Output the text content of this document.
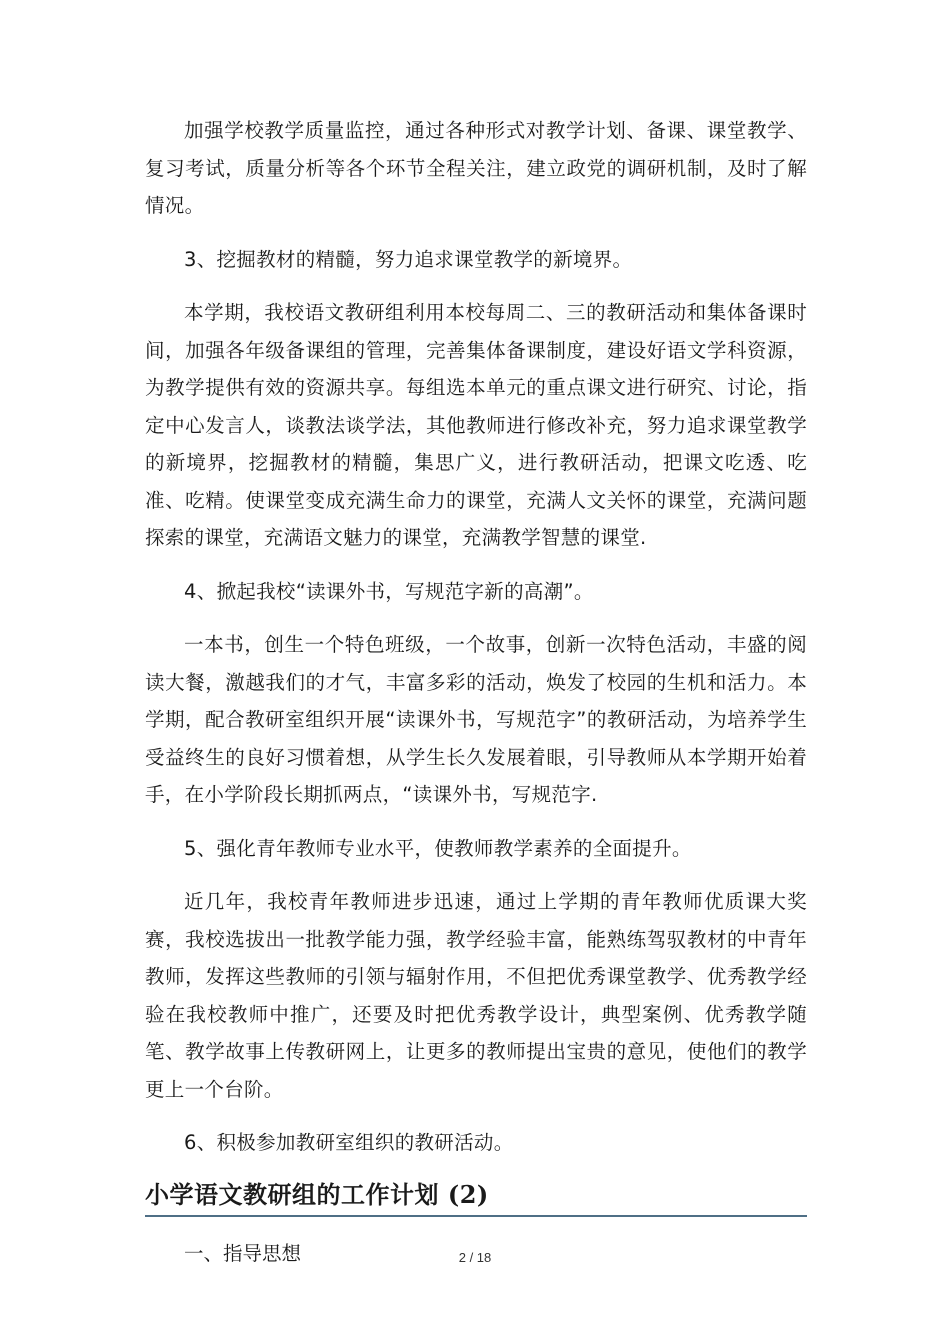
加强学校教学质量监控，通过各种形式对教学计划、备课、课堂教学、复习考试，质量分析等各个环节全程关注，建立政党的调研机制，及时了解情况。

3、挖掘教材的精髓，努力追求课堂教学的新境界。

本学期，我校语文教研组利用本校每周二、三的教研活动和集体备课时间，加强各年级备课组的管理，完善集体备课制度，建设好语文学科资源，为教学提供有效的资源共享。每组选本单元的重点课文进行研究、讨论，指定中心发言人，谈教法谈学法，其他教师进行修改补充，努力追求课堂教学的新境界，挖掘教材的精髓，集思广义，进行教研活动，把课文吃透、吃准、吃精。使课堂变成充满生命力的课堂，充满人文关怀的课堂，充满问题探索的课堂，充满语文魅力的课堂，充满教学智慧的课堂.

4、掀起我校“读课外书，写规范字新的高潮”。

一本书，创生一个特色班级，一个故事，创新一次特色活动，丰盛的阅读大餐，激越我们的才气，丰富多彩的活动，焕发了校园的生机和活力。本学期，配合教研室组织开展“读课外书，写规范字”的教研活动，为培养学生受益终生的良好习惯着想，从学生长久发展着眼，引导教师从本学期开始着手，在小学阶段长期抓两点，“读课外书，写规范字.

5、强化青年教师专业水平，使教师教学素养的全面提升。

近几年，我校青年教师进步迅速，通过上学期的青年教师优质课大奖赛，我校选拔出一批教学能力强，教学经验丰富，能熟练驾驭教材的中青年教师，发挥这些教师的引领与辐射作用，不但把优秀课堂教学、优秀教学经验在我校教师中推广，还要及时把优秀教学设计，典型案例、优秀教学随笔、教学故事上传教研网上，让更多的教师提出宝贵的意见，使他们的教学更上一个台阶。

6、积极参加教研室组织的教研活动。

小学语文教研组的工作计划 (2)

一、指导思想	2 / 18
